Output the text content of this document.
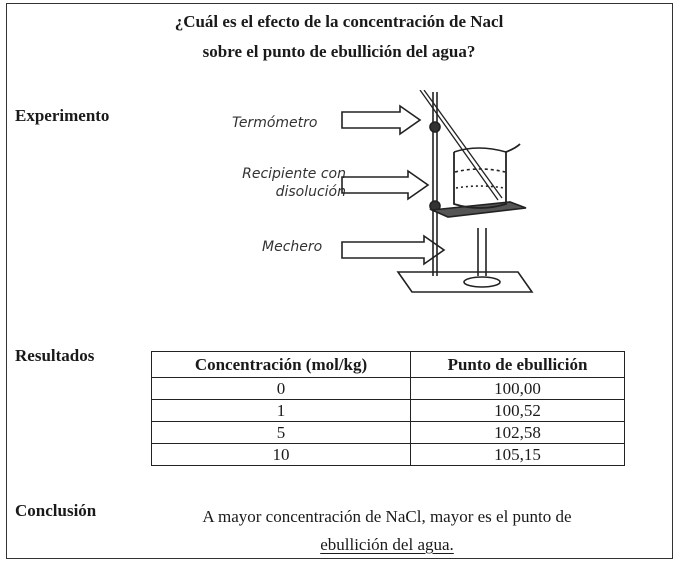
¿Cuál es el efecto de la concentración de Nacl
sobre el punto de ebullición del agua?
Experimento
Resultados
Conclusión
Termómetro
Recipiente con
disolución
Mechero
Concentración (mol/kg)	Punto de ebullición
0	100,00
1	100,52
5	102,58
10	105,15
A mayor concentración de NaCl, mayor es el punto de
ebullición del agua.
